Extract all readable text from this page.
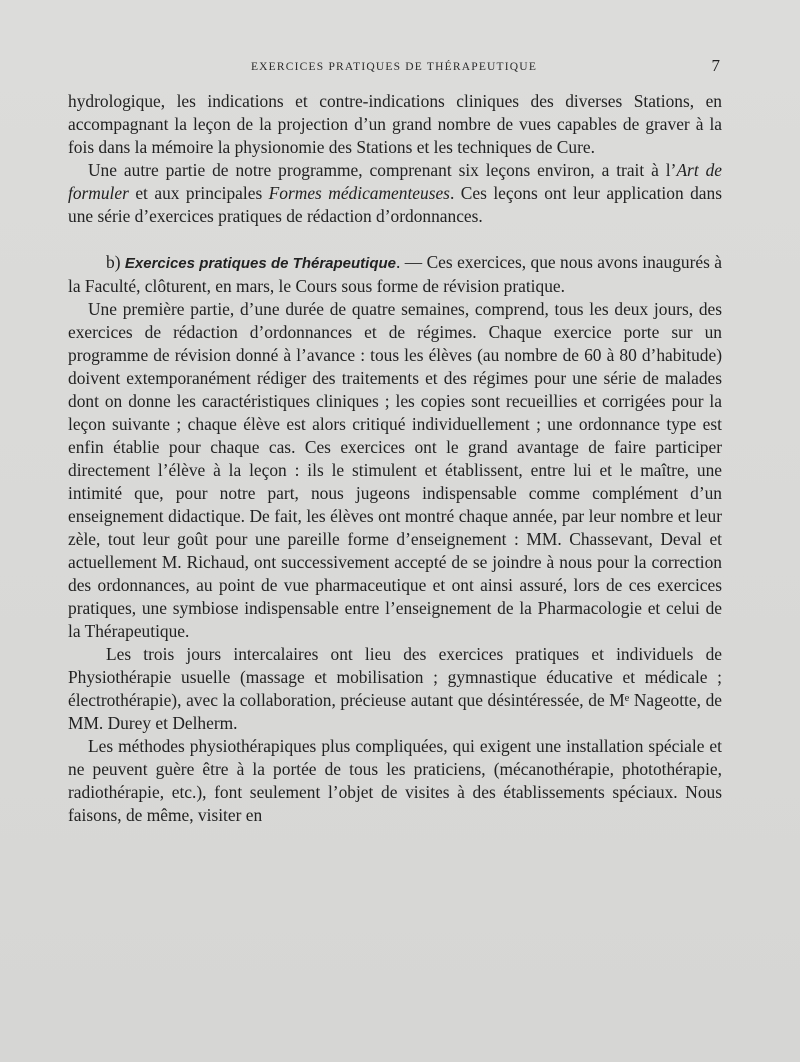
EXERCICES PRATIQUES DE THÉRAPEUTIQUE	7

hydrologique, les indications et contre-indications cliniques des diverses Stations, en accompagnant la leçon de la projection d’un grand nombre de vues capables de graver à la fois dans la mémoire la physionomie des Stations et les techniques de Cure.

Une autre partie de notre programme, comprenant six leçons environ, a trait à l’Art de formuler et aux principales Formes médicamenteuses. Ces leçons ont leur application dans une série d’exercices pratiques de rédaction d’ordonnances.

b) Exercices pratiques de Thérapeutique. — Ces exercices, que nous avons inaugurés à la Faculté, clôturent, en mars, le Cours sous forme de révision pratique.

Une première partie, d’une durée de quatre semaines, comprend, tous les deux jours, des exercices de rédaction d’ordonnances et de régimes. Chaque exercice porte sur un programme de révision donné à l’avance : tous les élèves (au nombre de 60 à 80 d’habitude) doivent extemporanément rédiger des traitements et des régimes pour une série de malades dont on donne les caractéristiques cliniques ; les copies sont recueillies et corrigées pour la leçon suivante ; chaque élève est alors critiqué individuellement ; une ordonnance type est enfin établie pour chaque cas. Ces exercices ont le grand avantage de faire participer directement l’élève à la leçon : ils le stimulent et établissent, entre lui et le maître, une intimité que, pour notre part, nous jugeons indispensable comme complément d’un enseignement didactique. De fait, les élèves ont montré chaque année, par leur nombre et leur zèle, tout leur goût pour une pareille forme d’enseignement : MM. Chassevant, Deval et actuellement M. Richaud, ont successivement accepté de se joindre à nous pour la correction des ordonnances, au point de vue pharmaceutique et ont ainsi assuré, lors de ces exercices pratiques, une symbiose indispensable entre l’enseignement de la Pharmacologie et celui de la Thérapeutique.

Les trois jours intercalaires ont lieu des exercices pratiques et individuels de Physiothérapie usuelle (massage et mobilisation ; gymnastique éducative et médicale ; électrothérapie), avec la collaboration, précieuse autant que désintéressée, de Mᵉ Nageotte, de MM. Durey et Delherm.

Les méthodes physiothérapiques plus compliquées, qui exigent une installation spéciale et ne peuvent guère être à la portée de tous les praticiens, (mécanothérapie, photothérapie, radiothérapie, etc.), font seulement l’objet de visites à des établissements spéciaux. Nous faisons, de même, visiter en
